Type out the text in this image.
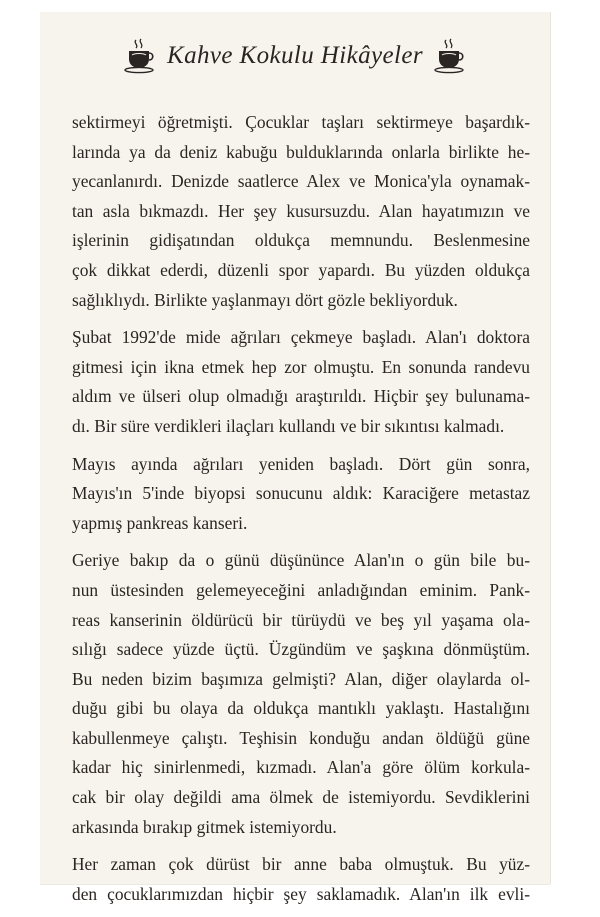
Kahve Kokulu Hikâyeler

sektirmeyi öğretmişti. Çocuklar taşları sektirmeye başardık-
larında ya da deniz kabuğu bulduklarında onlarla birlikte he-
yecanlanırdı. Denizde saatlerce Alex ve Monica'yla oynamak-
tan asla bıkmazdı. Her şey kusursuzdu. Alan hayatımızın ve
işlerinin gidişatından oldukça memnundu. Beslenmesine
çok dikkat ederdi, düzenli spor yapardı. Bu yüzden oldukça
sağlıklıydı. Birlikte yaşlanmayı dört gözle bekliyorduk.

Şubat 1992'de mide ağrıları çekmeye başladı. Alan'ı doktora
gitmesi için ikna etmek hep zor olmuştu. En sonunda randevu
aldım ve ülseri olup olmadığı araştırıldı. Hiçbir şey bulunama-
dı. Bir süre verdikleri ilaçları kullandı ve bir sıkıntısı kalmadı.

Mayıs ayında ağrıları yeniden başladı. Dört gün sonra,
Mayıs'ın 5'inde biyopsi sonucunu aldık: Karaciğere metastaz
yapmış pankreas kanseri.

Geriye bakıp da o günü düşününce Alan'ın o gün bile bu-
nun üstesinden gelemeyeceğini anladığından eminim. Pank-
reas kanserinin öldürücü bir türüydü ve beş yıl yaşama ola-
sılığı sadece yüzde üçtü. Üzgündüm ve şaşkına dönmüştüm.
Bu neden bizim başımıza gelmişti? Alan, diğer olaylarda ol-
duğu gibi bu olaya da oldukça mantıklı yaklaştı. Hastalığını
kabullenmeye çalıştı. Teşhisin konduğu andan öldüğü güne
kadar hiç sinirlenmedi, kızmadı. Alan'a göre ölüm korkula-
cak bir olay değildi ama ölmek de istemiyordu. Sevdiklerini
arkasında bırakıp gitmek istemiyordu.

Her zaman çok dürüst bir anne baba olmuştuk. Bu yüz-
den çocuklarımızdan hiçbir şey saklamadık. Alan'ın ilk evli-
